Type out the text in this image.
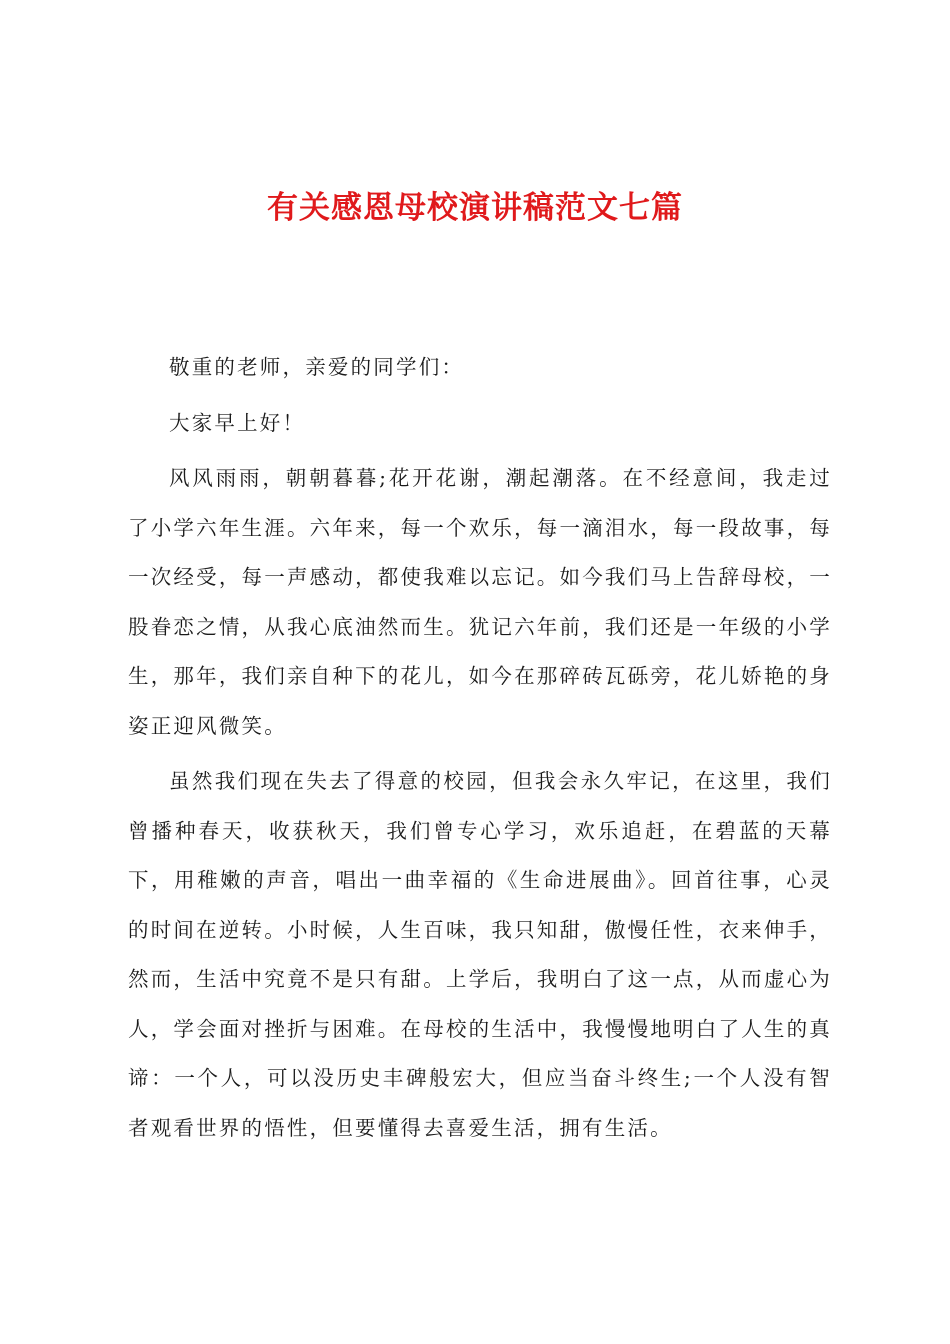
有关感恩母校演讲稿范文七篇

敬重的老师，亲爱的同学们：

大家早上好！

风风雨雨，朝朝暮暮;花开花谢，潮起潮落。在不经意间，我走过了小学六年生涯。六年来，每一个欢乐，每一滴泪水，每一段故事，每一次经受，每一声感动，都使我难以忘记。如今我们马上告辞母校，一股眷恋之情，从我心底油然而生。犹记六年前，我们还是一年级的小学生，那年，我们亲自种下的花儿，如今在那碎砖瓦砾旁，花儿娇艳的身姿正迎风微笑。

虽然我们现在失去了得意的校园，但我会永久牢记，在这里，我们曾播种春天，收获秋天，我们曾专心学习，欢乐追赶，在碧蓝的天幕下，用稚嫩的声音，唱出一曲幸福的《生命进展曲》。回首往事，心灵的时间在逆转。小时候，人生百味，我只知甜，傲慢任性，衣来伸手，然而，生活中究竟不是只有甜。上学后，我明白了这一点，从而虚心为人，学会面对挫折与困难。在母校的生活中，我慢慢地明白了人生的真谛：一个人，可以没历史丰碑般宏大，但应当奋斗终生;一个人没有智者观看世界的悟性，但要懂得去喜爱生活，拥有生活。
